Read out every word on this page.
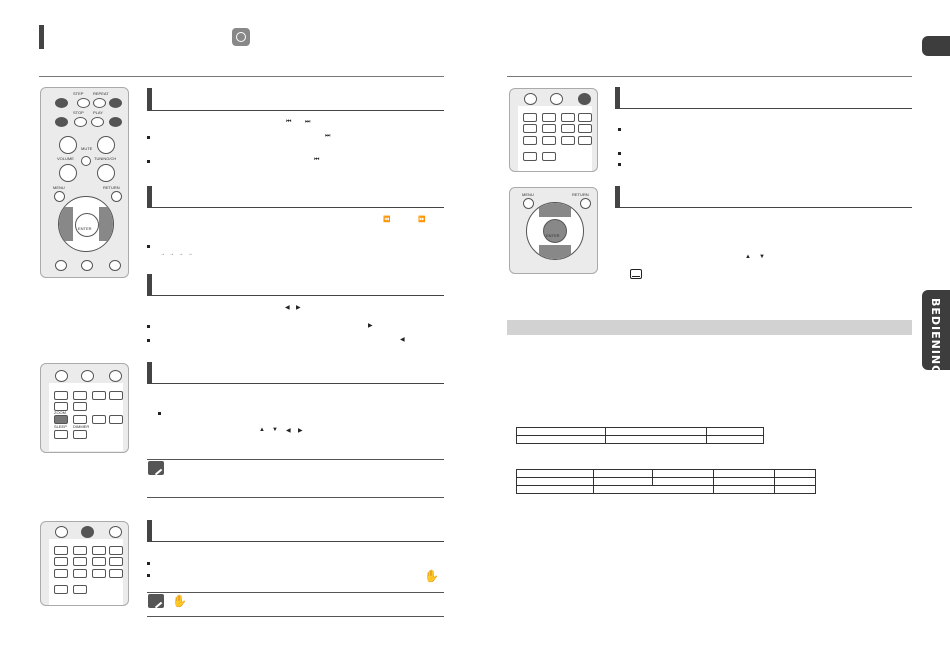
BEDIENING
STEP REPEAT
STOP PLAY
MUTE
VOLUME	TUNING/CH
MENU	RETURN
ENTER
⏮ ⏭
⏭
⏮
⏪	⏩
→   →   →   →
◀ ▶
▶
◀
ZOOM
SLEEP DIMMER
▲ ▼ ◀ ▶
✋
✋
MENU	RETURN
ENTER
▲ ▼
